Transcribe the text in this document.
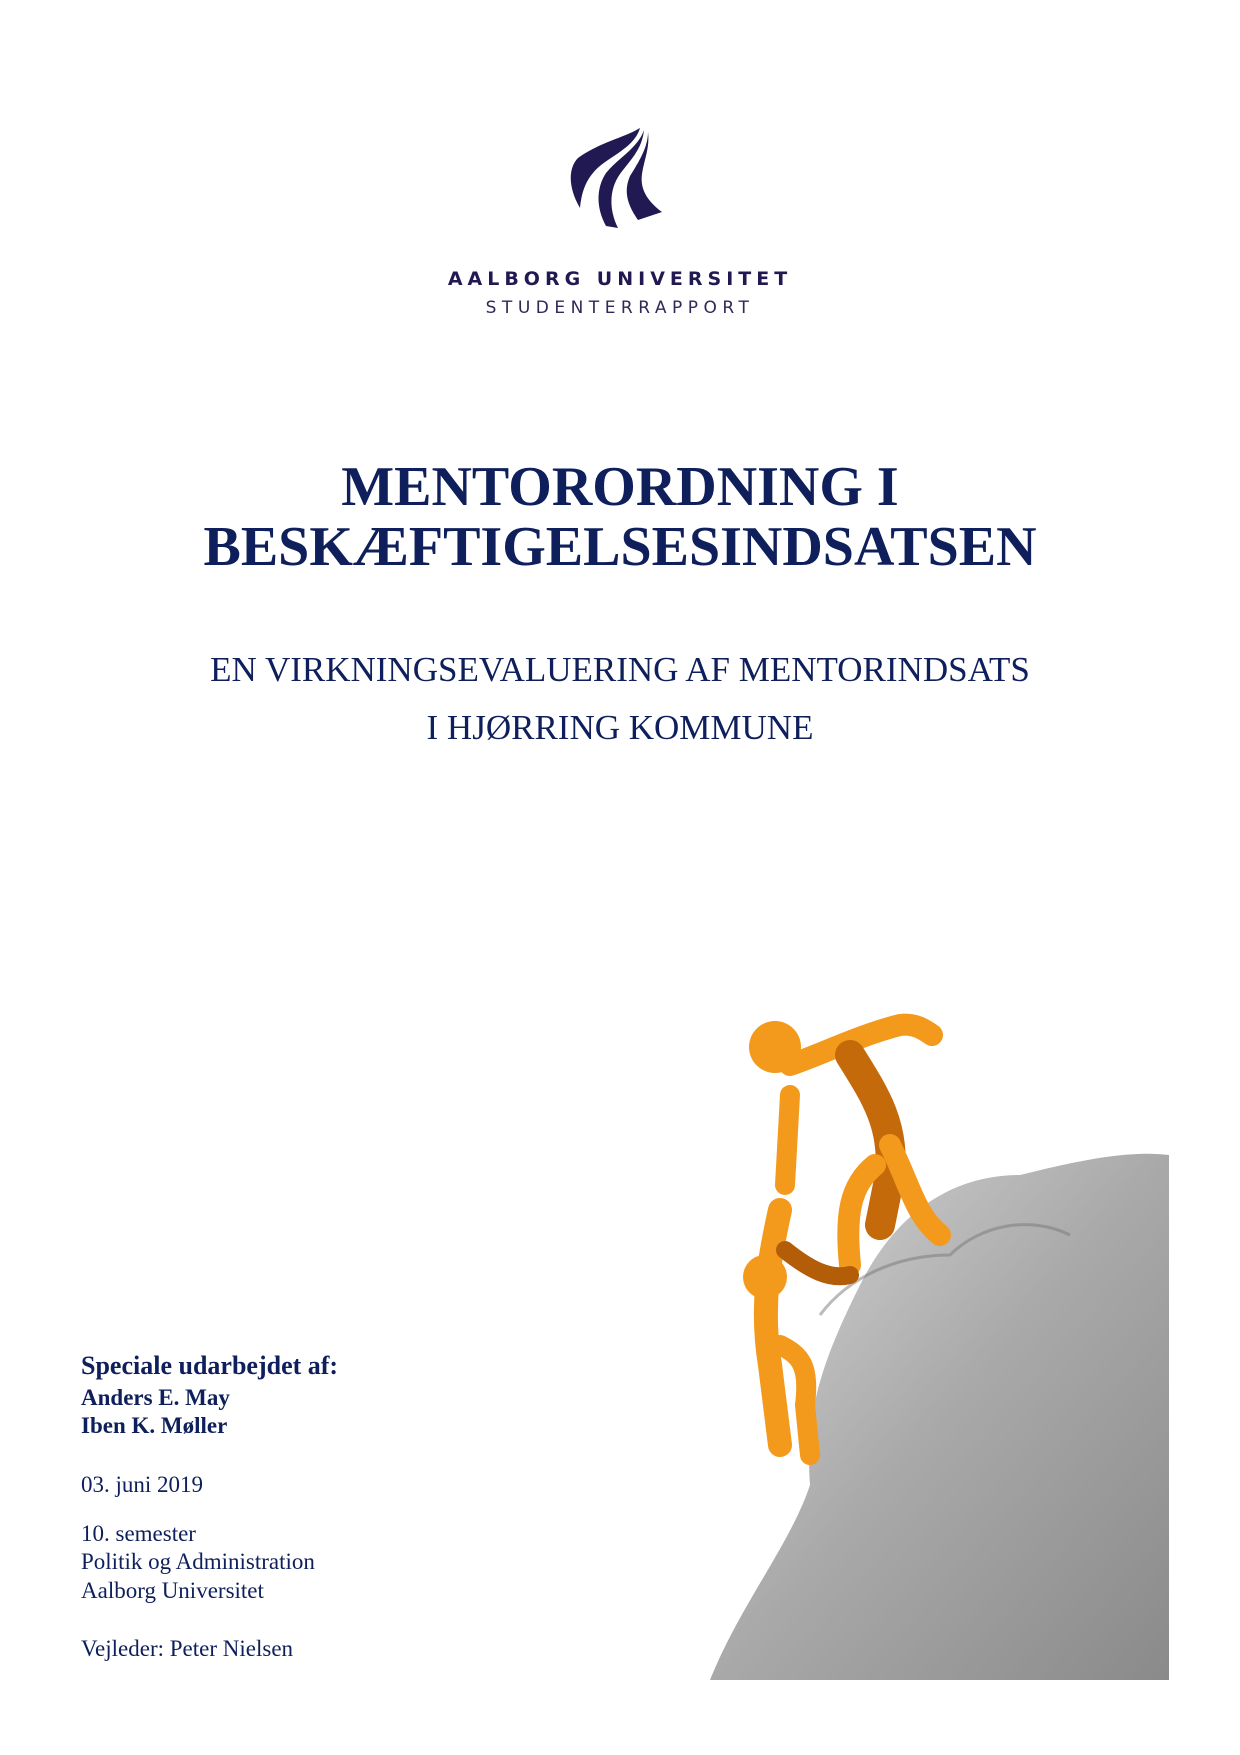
AALBORG UNIVERSITET
STUDENTERRAPPORT
MENTORORDNING I
BESKÆFTIGELSESINDSATSEN
EN VIRKNINGSEVALUERING AF MENTORINDSATS
I HJØRRING KOMMUNE
Speciale udarbejdet af:
Anders E. May
Iben K. Møller
03. juni 2019
10. semester
Politik og Administration
Aalborg Universitet
Vejleder: Peter Nielsen
